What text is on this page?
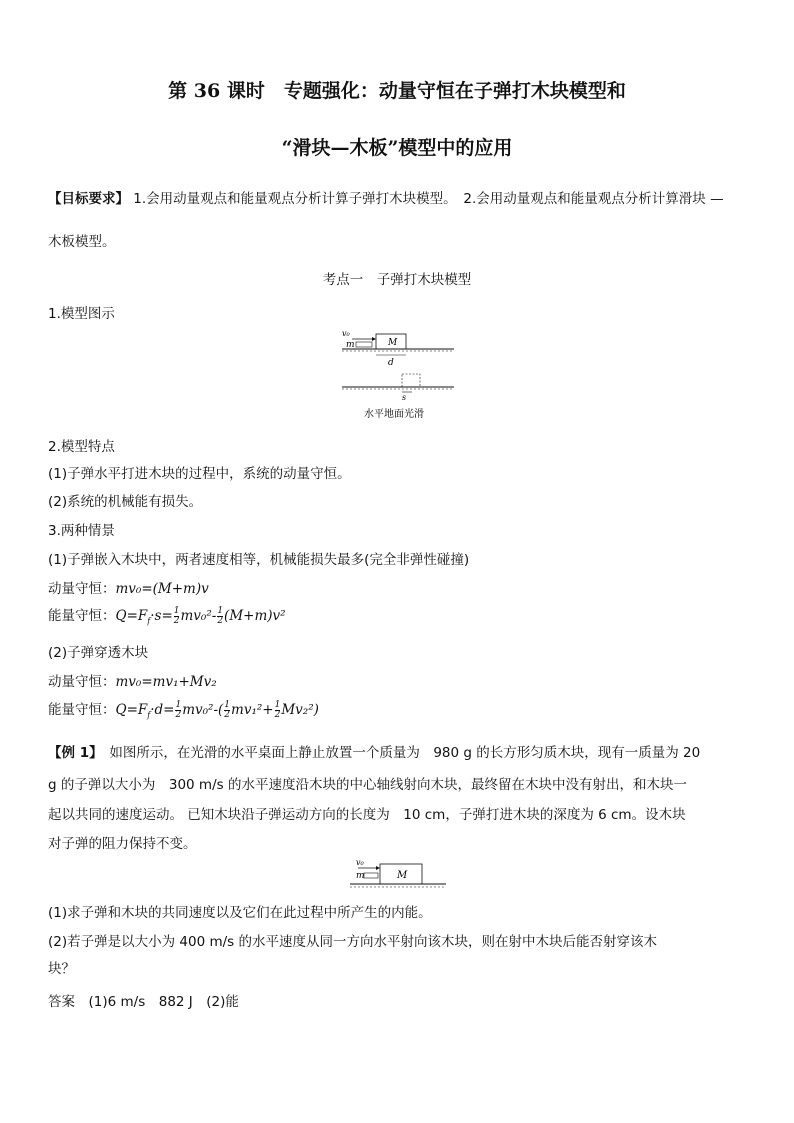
第 36 课时　专题强化：动量守恒在子弹打木块模型和
“滑块—木板”模型中的应用
【目标要求】 1.会用动量观点和能量观点分析计算子弹打木块模型。　2.会用动量观点和能量观点分析计算滑块 —
木板模型。
考点一　子弹打木块模型
1.模型图示
v₀
m	M
d
s
水平地面光滑
2.模型特点
(1)子弹水平打进木块的过程中，系统的动量守恒。
(2)系统的机械能有损失。
3.两种情景
(1)子弹嵌入木块中，两者速度相等，机械能损失最多(完全非弹性碰撞)
动量守恒：mv₀=(M+m)v
能量守恒：$Q=F_f\cdot s= \frac{1}{2} mv_0^2- \frac{1}{2} (M+m)v^2$
(2)子弹穿透木块
动量守恒：mv₀=mv₁+Mv₂
能量守恒：$Q=F_f\cdot d= \frac{1}{2} mv_0^2-( \frac{1}{2} mv_1^2+ \frac{1}{2} Mv_2^2)$
【例 1】　如图所示，在光滑的水平桌面上静止放置一个质量为　980 g 的长方形匀质木块，现有一质量为 20
g 的子弹以大小为　300 m/s 的水平速度沿木块的中心轴线射向木块，最终留在木块中没有射出，和木块一
起以共同的速度运动。 已知木块沿子弹运动方向的长度为　10 cm，子弹打进木块的深度为 6 cm。设木块
对子弹的阻力保持不变。
v₀
m	M
(1)求子弹和木块的共同速度以及它们在此过程中所产生的内能。
(2)若子弹是以大小为 400 m/s 的水平速度从同一方向水平射向该木块，则在射中木块后能否射穿该木
块？
答案　(1)6 m/s　882 J　(2)能
